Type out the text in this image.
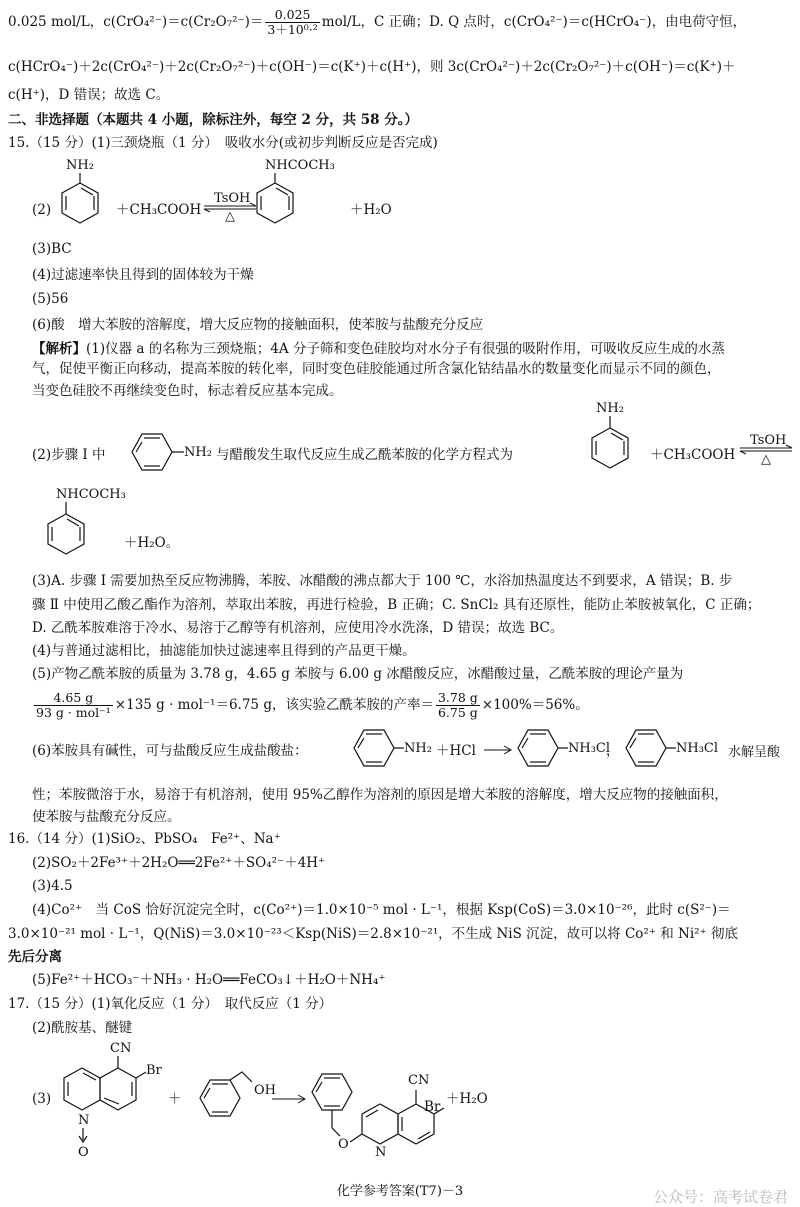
0.025 mol/L，$c(CrO_4^{2-})=c(Cr_2O_7^{2-})= \frac{0.025}{\text{3＋10⁰·²}} mol/L$，C 正确；D. Q 点时，c(CrO₄²⁻)＝c(HCrO₄⁻)，由电荷守恒，
c(HCrO₄⁻)＋2c(CrO₄²⁻)＋2c(Cr₂O₇²⁻)＋c(OH⁻)＝c(K⁺)＋c(H⁺)，则 3c(CrO₄²⁻)＋2c(Cr₂O₇²⁻)＋c(OH⁻)＝c(K⁺)＋
c(H⁺)，D 错误；故选 C。
二、非选择题（本题共 4 小题，除标注外，每空 2 分，共 58 分。）
15.（15 分）(1)三颈烧瓶（1 分）　吸收水分(或初步判断反应是否完成)
(2)
NH₂
＋CH₃COOH
TsOH
△
NHCOCH₃
＋H₂O
(3)BC
(4)过滤速率快且得到的固体较为干燥
(5)56
(6)酸　增大苯胺的溶解度，增大反应物的接触面积，使苯胺与盐酸充分反应
【解析】(1)仪器 a 的名称为三颈烧瓶；4A 分子筛和变色硅胶均对水分子有很强的吸附作用，可吸收反应生成的水蒸
气，促使平衡正向移动，提高苯胺的转化率，同时变色硅胶能通过所含氯化钴结晶水的数量变化而显示不同的颜色，
当变色硅胶不再继续变色时，标志着反应基本完成。
(2)步骤 Ⅰ 中	NH₂ 与醋酸发生取代反应生成乙酰苯胺的化学方程式为
NH₂
＋CH₃COOH
TsOH
△
NHCOCH₃
＋H₂O。
(3)A. 步骤 Ⅰ 需要加热至反应物沸腾，苯胺、冰醋酸的沸点都大于 100 ℃，水浴加热温度达不到要求，A 错误；B. 步
骤 Ⅱ 中使用乙酸乙酯作为溶剂，萃取出苯胺，再进行检验，B 正确；C. SnCl₂ 具有还原性，能防止苯胺被氧化，C 正确；
D. 乙酰苯胺难溶于冷水、易溶于乙醇等有机溶剂，应使用冷水洗涤，D 错误；故选 BC。
(4)与普通过滤相比，抽滤能加快过滤速率且得到的产品更干燥。
(5)产物乙酰苯胺的质量为 3.78 g，4.65 g 苯胺与 6.00 g 冰醋酸反应，冰醋酸过量，乙酰苯胺的理论产量为
$\frac{4.65 g}{\text{93 g · mol⁻¹}} \times 135$ g · mol⁻¹＝6.75 g，该实验乙酰苯胺的产率＝ $\frac{3.78 g}{6.75 g} \times 100\%=56\%$。
(6)苯胺具有碱性，可与盐酸反应生成盐酸盐：	NH₂ ＋HCl	NH₃Cl
，	NH₃Cl 水解呈酸
性；苯胺微溶于水，易溶于有机溶剂，使用 95%乙醇作为溶剂的原因是增大苯胺的溶解度，增大反应物的接触面积，
使苯胺与盐酸充分反应。
16.（14 分）(1)SiO₂、PbSO₄　Fe²⁺、Na⁺
(2)SO₂＋2Fe³⁺＋2H₂O══2Fe²⁺＋SO₄²⁻＋4H⁺
(3)4.5
(4)Co²⁺　当 CoS 恰好沉淀完全时，c(Co²⁺)＝1.0×10⁻⁵ mol · L⁻¹，根据 Ksp(CoS)＝3.0×10⁻²⁶，此时 c(S²⁻)＝
3.0×10⁻²¹ mol · L⁻¹，Q(NiS)＝3.0×10⁻²³＜Ksp(NiS)＝2.8×10⁻²¹，不生成 NiS 沉淀，故可以将 Co²⁺ 和 Ni²⁺ 彻底
先后分离
(5)Fe²⁺＋HCO₃⁻＋NH₃ · H₂O══FeCO₃↓＋H₂O＋NH₄⁺
17.（15 分）(1)氧化反应（1 分）　取代反应（1 分）
(2)酰胺基、醚键
(3)
CN
Br
N
O
＋
OH
O
N
CN
Br ＋H₂O
化学参考答案(T7)－3	公众号：高考试卷君
